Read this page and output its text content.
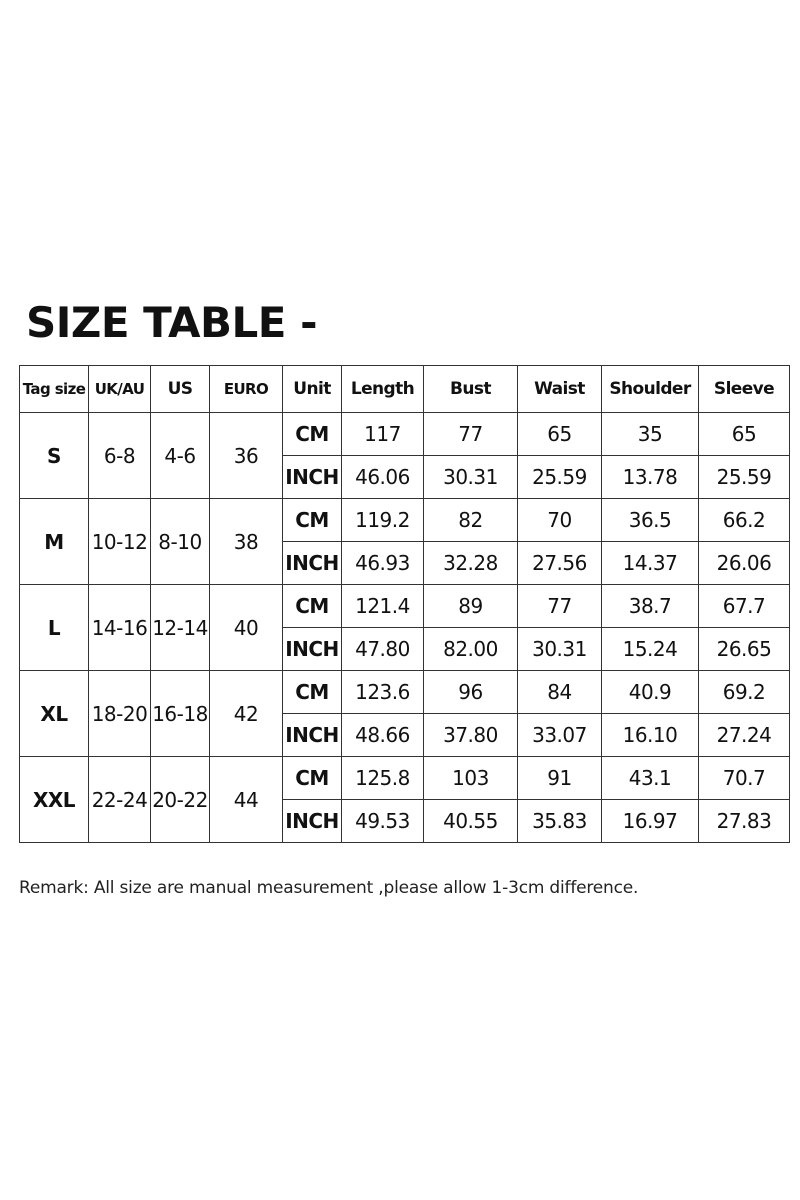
SIZE TABLE -
Tag size	UK/AU	US	EURO	Unit	Length	Bust	Waist	Shoulder	Sleeve
S	6-8	4-6	36	CM	117	77	65	35	65
				INCH	46.06	30.31	25.59	13.78	25.59
M	10-12	8-10	38	CM	119.2	82	70	36.5	66.2
				INCH	46.93	32.28	27.56	14.37	26.06
L	14-16	12-14	40	CM	121.4	89	77	38.7	67.7
				INCH	47.80	82.00	30.31	15.24	26.65
XL	18-20	16-18	42	CM	123.6	96	84	40.9	69.2
				INCH	48.66	37.80	33.07	16.10	27.24
XXL	22-24	20-22	44	CM	125.8	103	91	43.1	70.7
				INCH	49.53	40.55	35.83	16.97	27.83
Remark: All size are manual measurement ,please allow 1-3cm difference.
